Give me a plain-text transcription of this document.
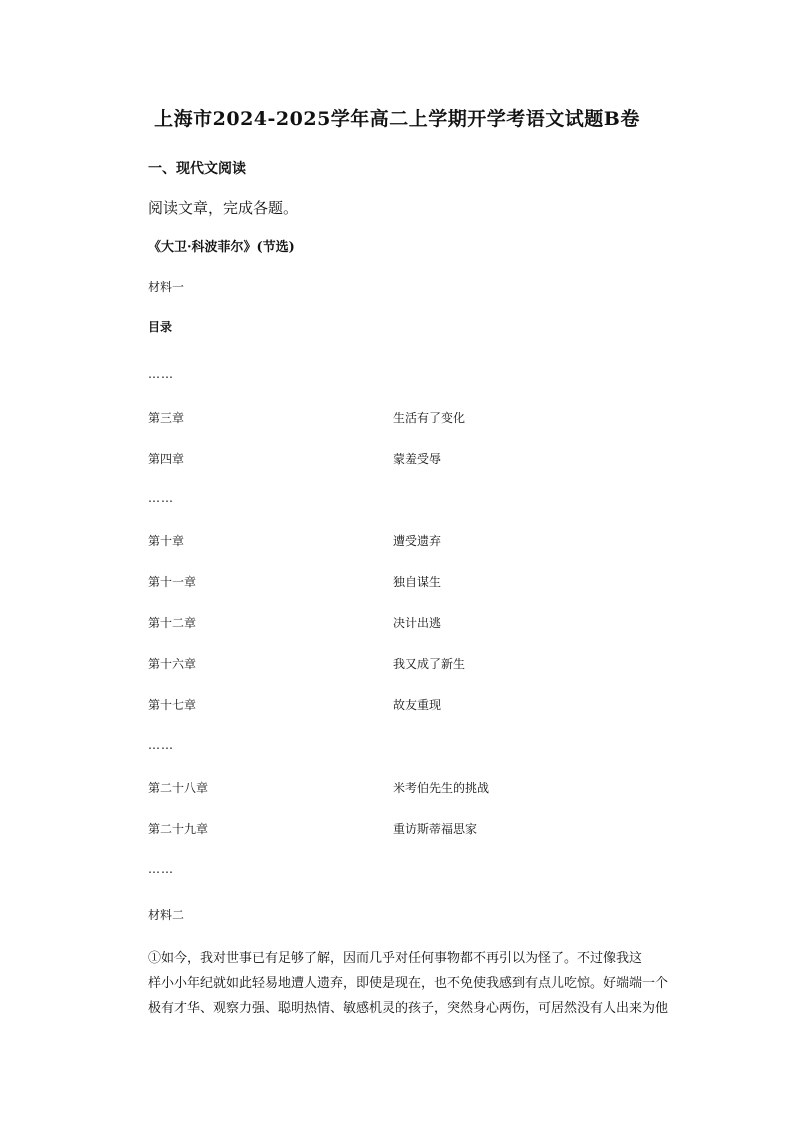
上海市2024-2025学年高二上学期开学考语文试题B卷
一、现代文阅读
阅读文章，完成各题。
《大卫·科波菲尔》(节选)
材料一
目录
……
第三章	生活有了变化
第四章	蒙羞受辱
……
第十章	遭受遗弃
第十一章	独自谋生
第十二章	决计出逃
第十六章	我又成了新生
第十七章	故友重现
……
第二十八章	米考伯先生的挑战
第二十九章	重访斯蒂福思家
……
材料二
①如今，我对世事已有足够了解，因而几乎对任何事物都不再引以为怪了。不过像我这
样小小年纪就如此轻易地遭人遗弃，即使是现在，也不免使我感到有点儿吃惊。好端端一个
极有才华、观察力强、聪明热情、敏感机灵的孩子，突然身心两伤，可居然没有人出来为他
